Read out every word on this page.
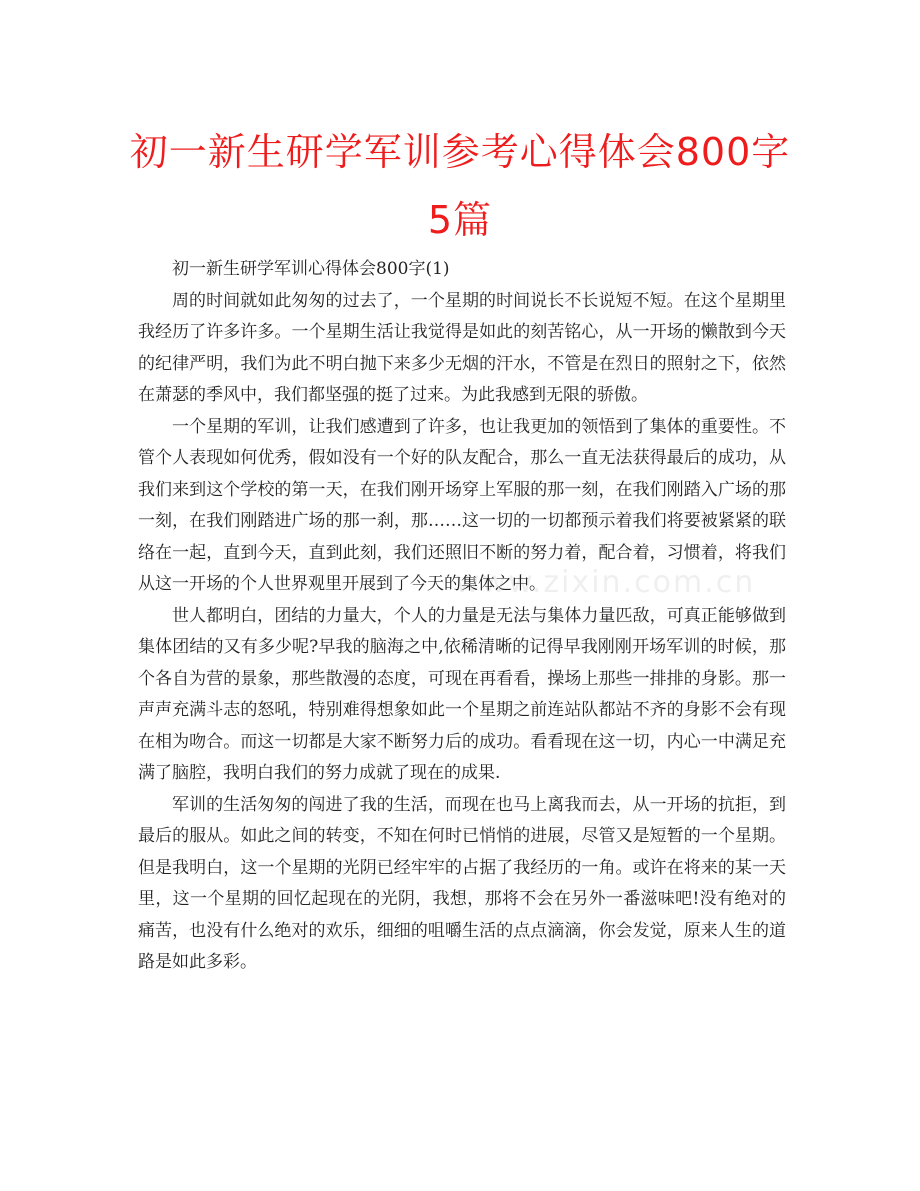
初一新生研学军训参考心得体会800字5篇

初一新生研学军训心得体会800字(1)

周的时间就如此匆匆的过去了，一个星期的时间说长不长说短不短。在这个星期里我经历了许多许多。一个星期生活让我觉得是如此的刻苦铭心，从一开场的懒散到今天的纪律严明，我们为此不明白抛下来多少无烟的汗水，不管是在烈日的照射之下，依然在萧瑟的季风中，我们都坚强的挺了过来。为此我感到无限的骄傲。

一个星期的军训，让我们感遭到了许多，也让我更加的领悟到了集体的重要性。不管个人表现如何优秀，假如没有一个好的队友配合，那么一直无法获得最后的成功，从我们来到这个学校的第一天，在我们刚开场穿上军服的那一刻，在我们刚踏入广场的那一刻，在我们刚踏进广场的那一刹，那……这一切的一切都预示着我们将要被紧紧的联络在一起，直到今天，直到此刻，我们还照旧不断的努力着，配合着，习惯着，将我们从这一开场的个人世界观里开展到了今天的集体之中。

世人都明白，团结的力量大，个人的力量是无法与集体力量匹敌，可真正能够做到集体团结的又有多少呢?早我的脑海之中,依稀清晰的记得早我刚刚开场军训的时候，那个各自为营的景象，那些散漫的态度，可现在再看看，操场上那些一排排的身影。那一声声充满斗志的怒吼，特别难得想象如此一个星期之前连站队都站不齐的身影不会有现在相为吻合。而这一切都是大家不断努力后的成功。看看现在这一切，内心一中满足充满了脑腔，我明白我们的努力成就了现在的成果.

军训的生活匆匆的闯进了我的生活，而现在也马上离我而去，从一开场的抗拒，到最后的服从。如此之间的转变，不知在何时已悄悄的进展，尽管又是短暂的一个星期。但是我明白，这一个星期的光阴已经牢牢的占据了我经历的一角。或许在将来的某一天里，这一个星期的回忆起现在的光阴，我想，那将不会在另外一番滋味吧!没有绝对的痛苦，也没有什么绝对的欢乐，细细的咀嚼生活的点点滴滴，你会发觉，原来人生的道路是如此多彩。

www.zixin.com.cn
